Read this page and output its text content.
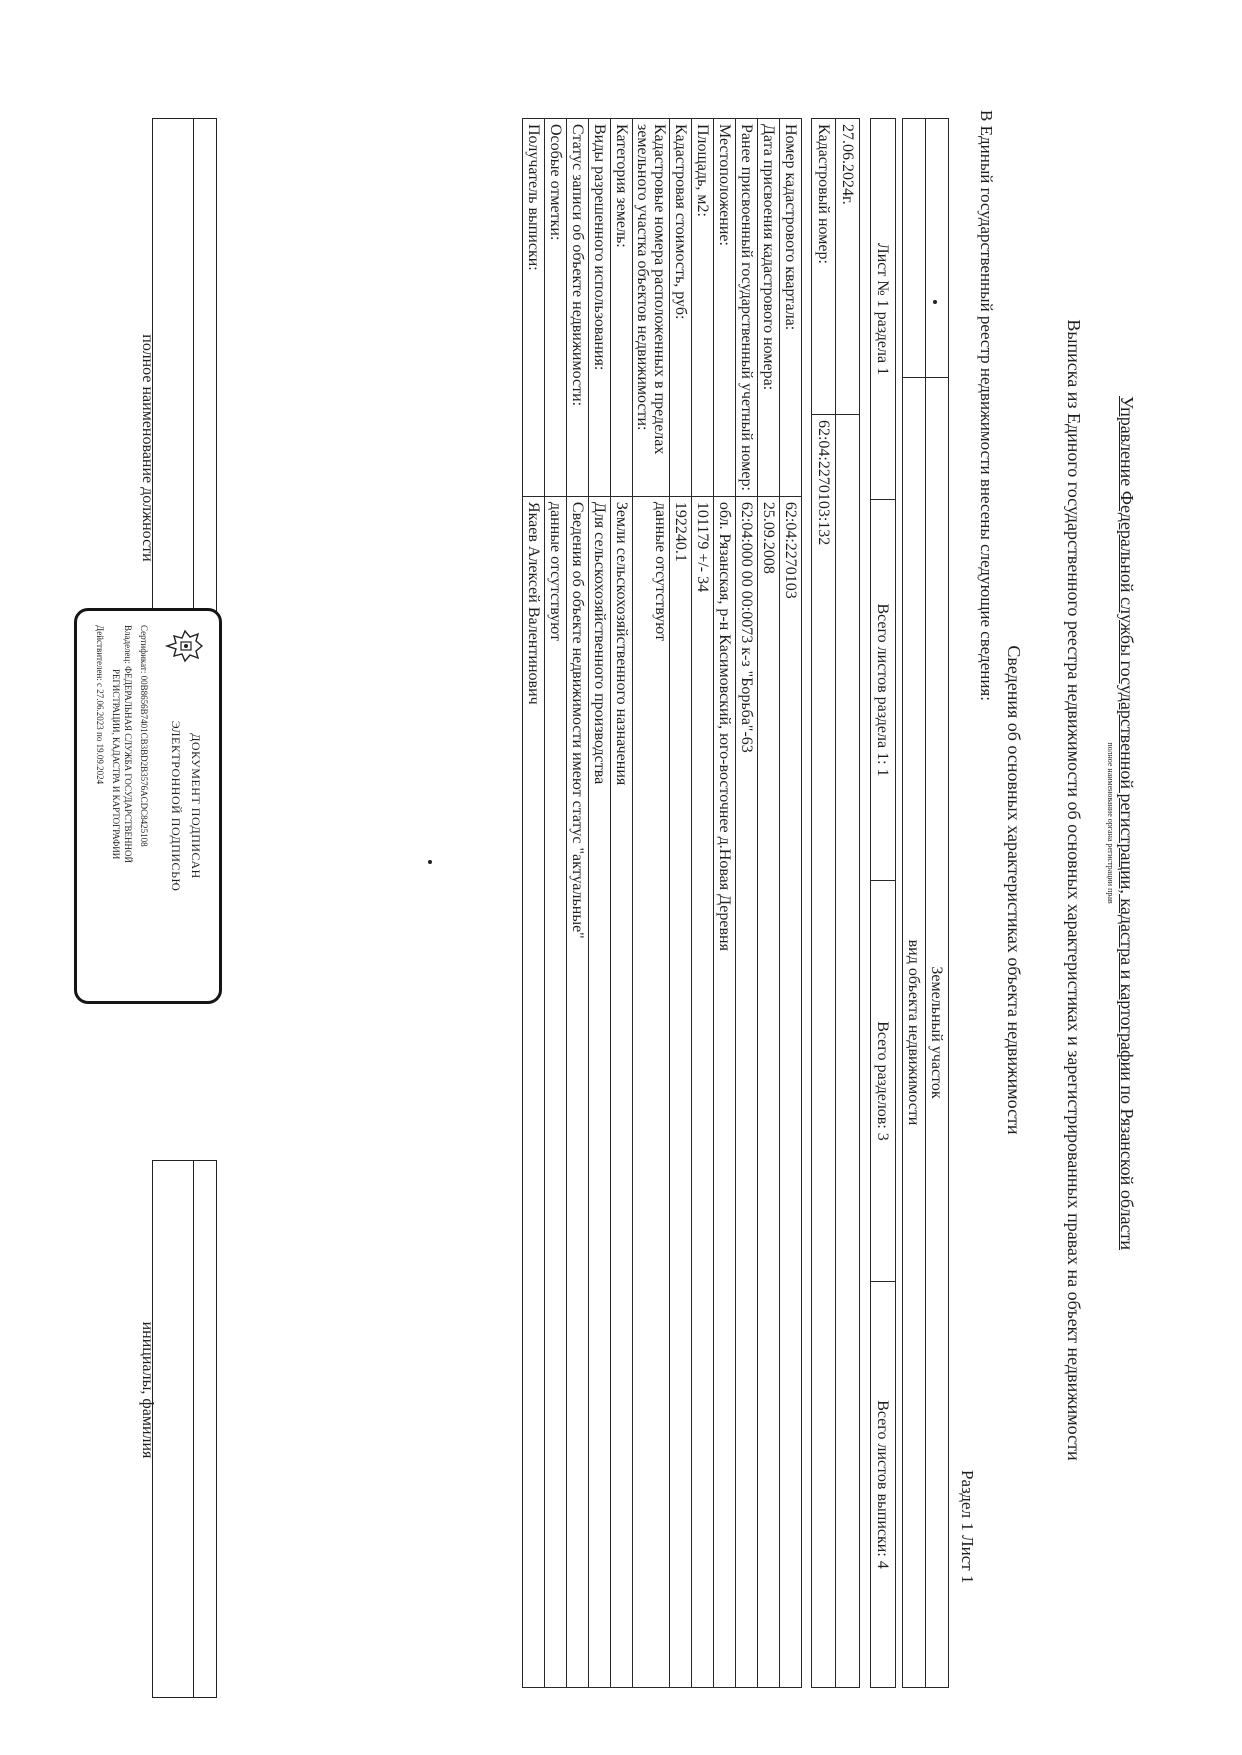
Управление Федеральной службы государственной регистрации, кадастра и картографии по Рязанской области
полное наименование органа регистрации прав
Выписка из Единого государственного реестра недвижимости об основных характеристиках и зарегистрированных правах на объект недвижимости
Сведения об основных характеристиках объекта недвижимости
В Единый государственный реестр недвижимости внесены следующие сведения:
Раздел 1 Лист 1
	Земельный участок
	вид объекта недвижимости
Лист № 1 раздела 1	Всего листов раздела 1: 1	Всего разделов: 3	Всего листов выписки: 4
27.06.2024г.	
Кадастровый номер:	62:04:2270103:132
Номер кадастрового квартала:	62:04:2270103
Дата присвоения кадастрового номера:	25.09.2008
Ранее присвоенный государственный учетный номер:	62:04:000 00 00:0073 к-з "Борьба"-63
Местоположение:	обл. Рязанская, р-н Касимовский, юго-восточнее д.Новая Деревня
Площадь, м2:	101179 +/- 34
Кадастровая стоимость, руб:	192240.1
Кадастровые номера расположенных в пределах земельного участка объектов недвижимости:	данные отсутствуют
Категория земель:	Земли сельскохозяйственного назначения
Виды разрешенного использования:	Для сельскохозяйственного производства
Статус записи об объекте недвижимости:	Сведения об объекте недвижимости имеют статус "актуальные"
Особые отметки:	данные отсутствуют
Получатель выписки:	Якаев Алексей Валентинович

полное наименование должности
инициалы, фамилия
ДОКУМЕНТ ПОДПИСАН
ЭЛЕКТРОННОЙ ПОДПИСЬЮ
Сертификат: 00B8656B7401CB3BD2B3576ACDC8425108
Владелец: ФЕДЕРАЛЬНАЯ СЛУЖБА ГОСУДАРСТВЕННОЙ
РЕГИСТРАЦИИ, КАДАСТРА И КАРТОГРАФИИ
Действителен: с 27.06.2023 по 19.09.2024
